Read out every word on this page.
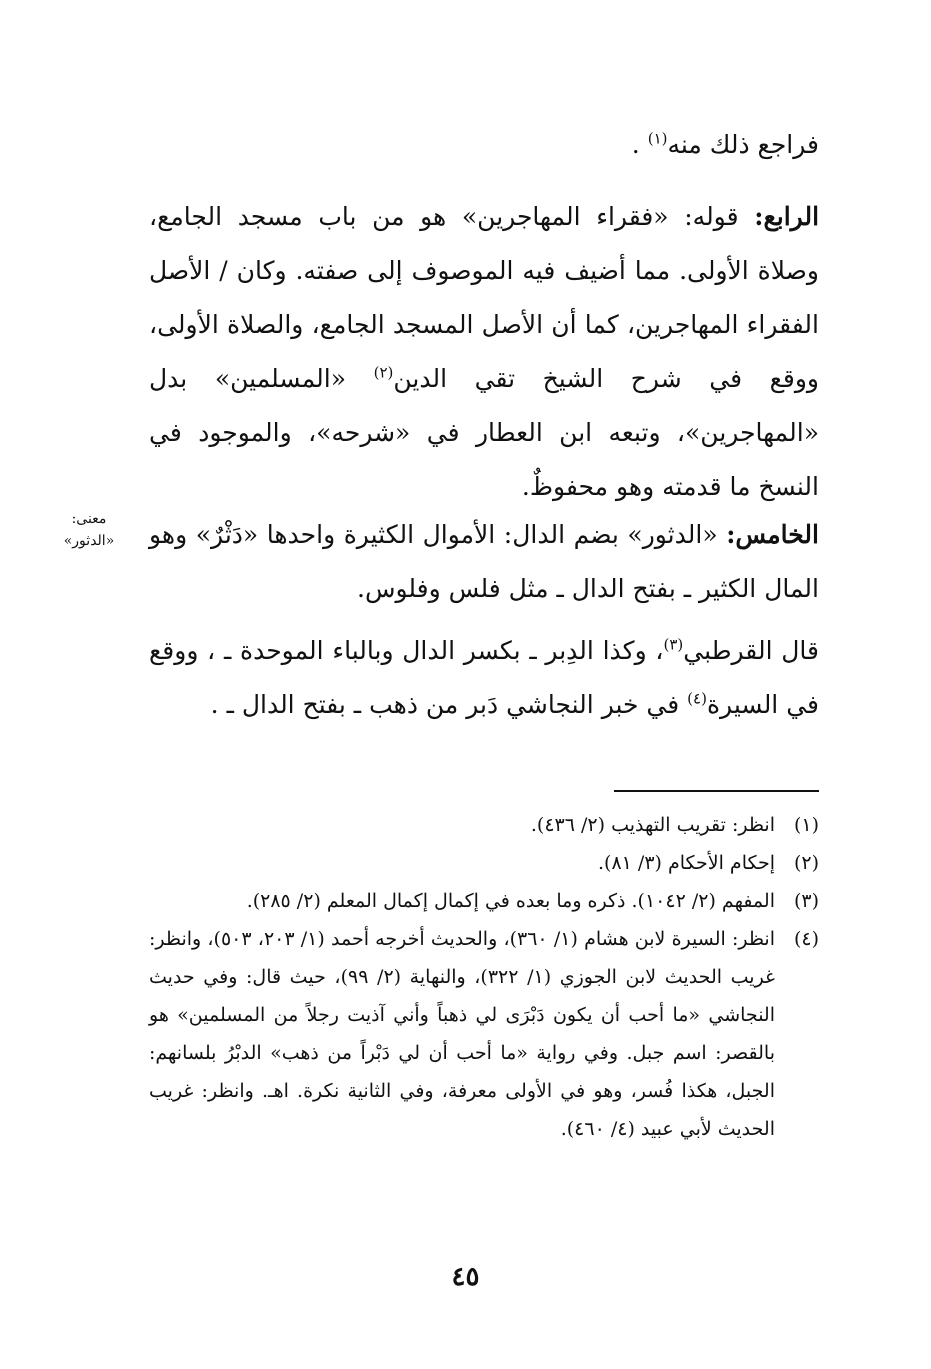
فراجع ذلك منه$^{(١)}$ .

الرابع: قوله: «فقراء المهاجرين» هو من باب مسجد الجامع، وصلاة الأولى. مما أضيف فيه الموصوف إلى صفته. وكان / الأصل الفقراء المهاجرين، كما أن الأصل المسجد الجامع، والصلاة الأولى، ووقع في شرح الشيخ تقي الدين$^{(٢)}$ «المسلمين» بدل «المهاجرين»، وتبعه ابن العطار في «شرحه»، والموجود في النسخ ما قدمته وهو محفوظٌ.

الخامس: «الدثور» بضم الدال: الأموال الكثيرة واحدها «دَثْرٌ» وهو المال الكثير ـ بفتح الدال ـ مثل فلس وفلوس.

معنى:
«الدثور»

قال القرطبي$^{(٣)}$، وكذا الدِبر ـ بكسر الدال وبالباء الموحدة ـ ، ووقع في السيرة$^{(٤)}$ في خبر النجاشي دَبر من ذهب ـ بفتح الدال ـ .

(١)
انظر: تقريب التهذيب (٢/ ٤٣٦).
(٢)
إحكام الأحكام (٣/ ٨١).
(٣)
المفهم (٢/ ١٠٤٢). ذكره وما بعده في إكمال إكمال المعلم (٢/ ٢٨٥).
(٤)
انظر: السيرة لابن هشام (١/ ٣٦٠)، والحديث أخرجه أحمد (١/ ٢٠٣، ٥٠٣)، وانظر: غريب الحديث لابن الجوزي (١/ ٣٢٢)، والنهاية (٢/ ٩٩)، حيث قال: وفي حديث النجاشي «ما أحب أن يكون دَبْرَى لي ذهباً وأني آذيت رجلاً من المسلمين» هو بالقصر: اسم جبل. وفي رواية «ما أحب أن لي دَبْراً من ذهب» الدبْرُ بلسانهم: الجبل، هكذا فُسر، وهو في الأولى معرفة، وفي الثانية نكرة. اهـ. وانظر: غريب الحديث لأبي عبيد (٤/ ٤٦٠).
٤٥
